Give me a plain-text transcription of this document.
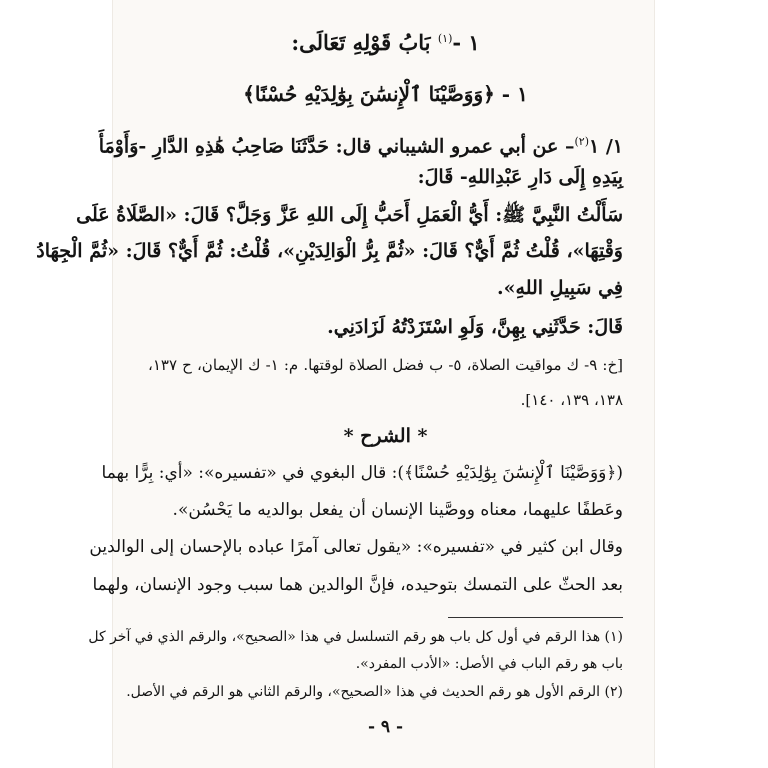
١ -$^{(١)}$ بَابُ قَوْلِهِ تَعَالَى:
١ - ﴿وَوَصَّيْنَا ٱلْإِنسَٰنَ بِوَٰلِدَيْهِ حُسْنًا﴾
١/ ١$^{(٢)}$– عن أبي عمرو الشيباني قال: حَدَّثَنَا صَاحِبُ هَٰذِهِ الدَّارِ -وَأَوْمَأَ
بِيَدِهِ إِلَى دَارِ عَبْدِاللهِ- قَالَ:
سَأَلْتُ النَّبِيَّ ﷺ: أَيُّ الْعَمَلِ أَحَبُّ إِلَى اللهِ عَزَّ وَجَلَّ؟ قَالَ: «الصَّلَاةُ عَلَى
وَقْتِهَا»، قُلْتُ ثُمَّ أَيٌّ؟ قَالَ: «ثُمَّ بِرُّ الْوَالِدَيْنِ»، قُلْتُ: ثُمَّ أَيٌّ؟ قَالَ: «ثُمَّ الْجِهَادُ
فِي سَبِيلِ اللهِ».
قَالَ: حَدَّثَنِي بِهِنَّ، وَلَوِ اسْتَزَدْتُهُ لَزَادَنِي.
[خ: ٩- ك مواقيت الصلاة، ٥- ب فضل الصلاة لوقتها. م: ١- ك الإيمان، ح ١٣٧،
١٣٨، ١٣٩، ١٤٠].
* الشرح *
(﴿وَوَصَّيْنَا ٱلْإِنسَٰنَ بِوَٰلِدَيْهِ حُسْنًا﴾): قال البغوي في «تفسيره»: «أي: بِرًّا بهما
وعَطفًا عليهما، معناه ووصَّينا الإنسان أن يفعل بوالديه ما يَحْسُن».
وقال ابن كثير في «تفسيره»: «يقول تعالى آمرًا عباده بالإحسان إلى الوالدين
بعد الحثّ على التمسك بتوحيده، فإنَّ الوالدين هما سبب وجود الإنسان، ولهما
(١) هذا الرقم في أول كل باب هو رقم التسلسل في هذا «الصحيح»، والرقم الذي في آخر كل
باب هو رقم الباب في الأصل: «الأدب المفرد».
(٢) الرقم الأول هو رقم الحديث في هذا «الصحيح»، والرقم الثاني هو الرقم في الأصل.
- ٩ -
